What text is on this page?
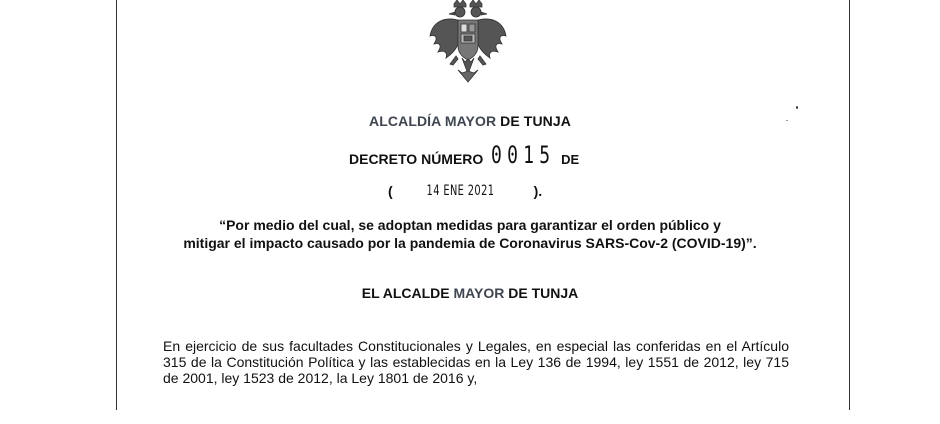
ALCALDÍA MAYOR DE TUNJA
DECRETO NÚMERO 0015 DE
( 14 ENE 2021	).
“Por medio del cual, se adoptan medidas para garantizar el orden público y
mitigar el impacto causado por la pandemia de Coronavirus SARS-Cov-2 (COVID-19)”.
EL ALCALDE MAYOR DE TUNJA
En ejercicio de sus facultades Constitucionales y Legales, en especial las conferidas en el Artículo 315 de la Constitución Política y las establecidas en la Ley 136 de 1994, ley 1551 de 2012, ley 715 de 2001, ley 1523 de 2012, la Ley 1801 de 2016 y,
